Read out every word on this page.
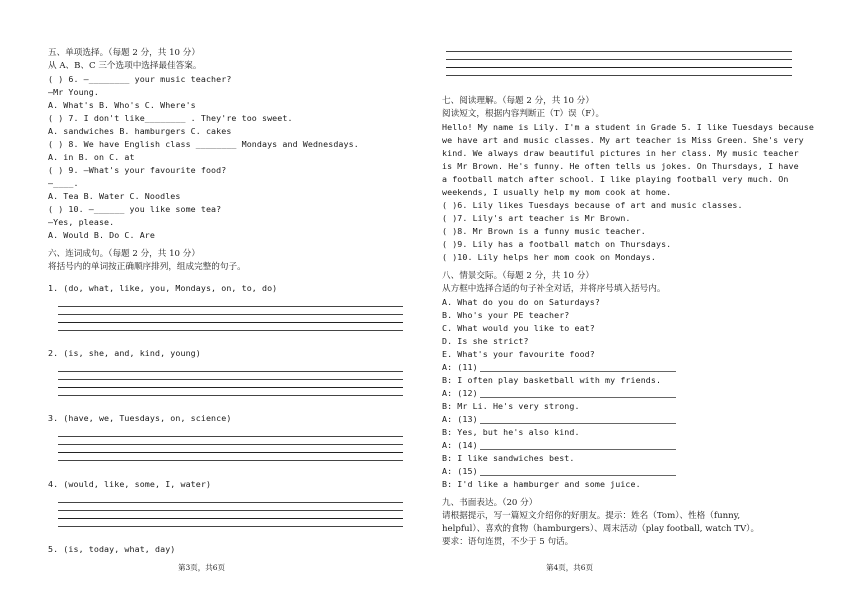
五、单项选择。（每题 2 分，共 10 分）
从 A、B、C 三个选项中选择最佳答案。
( ) 6. —________ your music teacher?
—Mr Young.
A. What's B. Who's C. Where's
( ) 7. I don't like________ . They're too sweet.
A. sandwiches B. hamburgers C. cakes
( ) 8. We have English class ________ Mondays and Wednesdays.
A. in B. on C. at
( ) 9. —What's your favourite food?
—____.
A. Tea B. Water C. Noodles
( ) 10. —______ you like some tea?
—Yes, please.
A. Would B. Do C. Are
六、连词成句。（每题 2 分，共 10 分）
将括号内的单词按正确顺序排列，组成完整的句子。
1. (do, what, like, you, Mondays, on, to, do)
2. (is, she, and, kind, young)
3. (have, we, Tuesdays, on, science)
4. (would, like, some, I, water)
5. (is, today, what, day)
第3页，共6页
七、阅读理解。（每题 2 分，共 10 分）
阅读短文，根据内容判断正（T）误（F）。
Hello! My name is Lily. I'm a student in Grade 5. I like Tuesdays because
we have art and music classes. My art teacher is Miss Green. She's very
kind. We always draw beautiful pictures in her class. My music teacher
is Mr Brown. He's funny. He often tells us jokes. On Thursdays, I have
a football match after school. I like playing football very much. On
weekends, I usually help my mom cook at home.
( )6. Lily likes Tuesdays because of art and music classes.
( )7. Lily's art teacher is Mr Brown.
( )8. Mr Brown is a funny music teacher.
( )9. Lily has a football match on Thursdays.
( )10. Lily helps her mom cook on Mondays.
八、情景交际。（每题 2 分，共 10 分）
从方框中选择合适的句子补全对话，并将序号填入括号内。
A. What do you do on Saturdays?
B. Who's your PE teacher?
C. What would you like to eat?
D. Is she strict?
E. What's your favourite food?
A: (11)
B: I often play basketball with my friends.
A: (12)
B: Mr Li. He's very strong.
A: (13)
B: Yes, but he's also kind.
A: (14)
B: I like sandwiches best.
A: (15)
B: I'd like a hamburger and some juice.
九、书面表达。（20 分）
请根据提示，写一篇短文介绍你的好朋友。提示：姓名（Tom）、性格（funny,
helpful）、喜欢的食物（hamburgers）、周末活动（play football, watch TV）。
要求：语句连贯，不少于 5 句话。
第4页，共6页
